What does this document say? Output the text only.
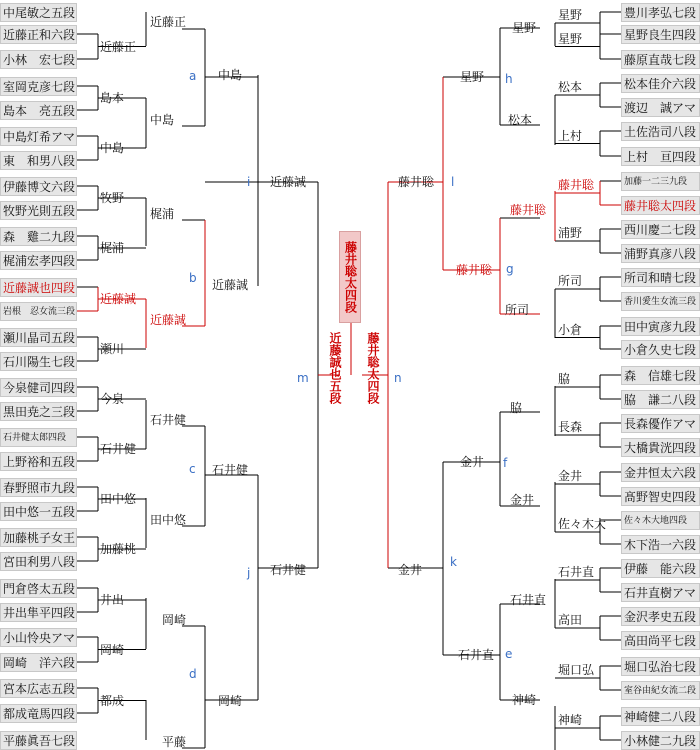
中尾敏之五段
近藤正和六段
小林　宏七段
室岡克彦七段
島本　亮五段
中島灯希アマ
東　和男八段
伊藤博文六段
牧野光則五段
森　雞二九段
梶浦宏孝四段
近藤誠也四段
岩根　忍女流三段
瀬川晶司五段
石川陽生七段
今泉健司四段
黒田尭之三段
石井健太郎四段
上野裕和五段
春野照市九段
田中悠一五段
加藤桃子女王
宮田利男八段
門倉啓太五段
井出隼平四段
小山怜央アマ
岡崎　洋六段
宮本広志五段
都成竜馬四段
平藤眞吾七段
豊川孝弘七段
星野良生四段
藤原直哉七段
松本佳介六段
渡辺　誠アマ
土佐浩司八段
上村　亘四段
加藤一二三九段
藤井聡太四段
西川慶二七段
浦野真彦八段
所司和晴七段
香川愛生女流三段
田中寅彦九段
小倉久史七段
森　信雄七段
脇　謙二八段
長森優作アマ
大橋貴洸四段
金井恒太六段
髙野智史四段
佐々木大地四段
木下浩一六段
伊藤　能六段
石井直樹アマ
金沢孝史五段
高田尚平七段
堀口弘治七段
室谷由紀女流二段
神崎健二八段
小林健二九段
近藤正
島本
中島
牧野
梶浦
近藤誠
瀬川
今泉
石井健
田中悠
加藤桃
井出
岡崎
都成
近藤正
中島
梶浦
近藤誠
石井健
田中悠
岡崎
平藤
中島
近藤誠
石井健
岡崎
近藤誠
石井健
星野
星野
松本
上村
藤井聡
浦野
所司
小倉
脇
長森
金井
佐々木大
石井直
高田
堀口弘
神崎
松本
藤井聡
所司
脇
金井
石井直
神崎
星野
星野
藤井聡
金井
石井直
藤井聡
金井
a
b
c
d
e
f
g
h
i
j
k
l
m	n
藤井聡太四段
近藤誠也五段 藤井聡太四段
